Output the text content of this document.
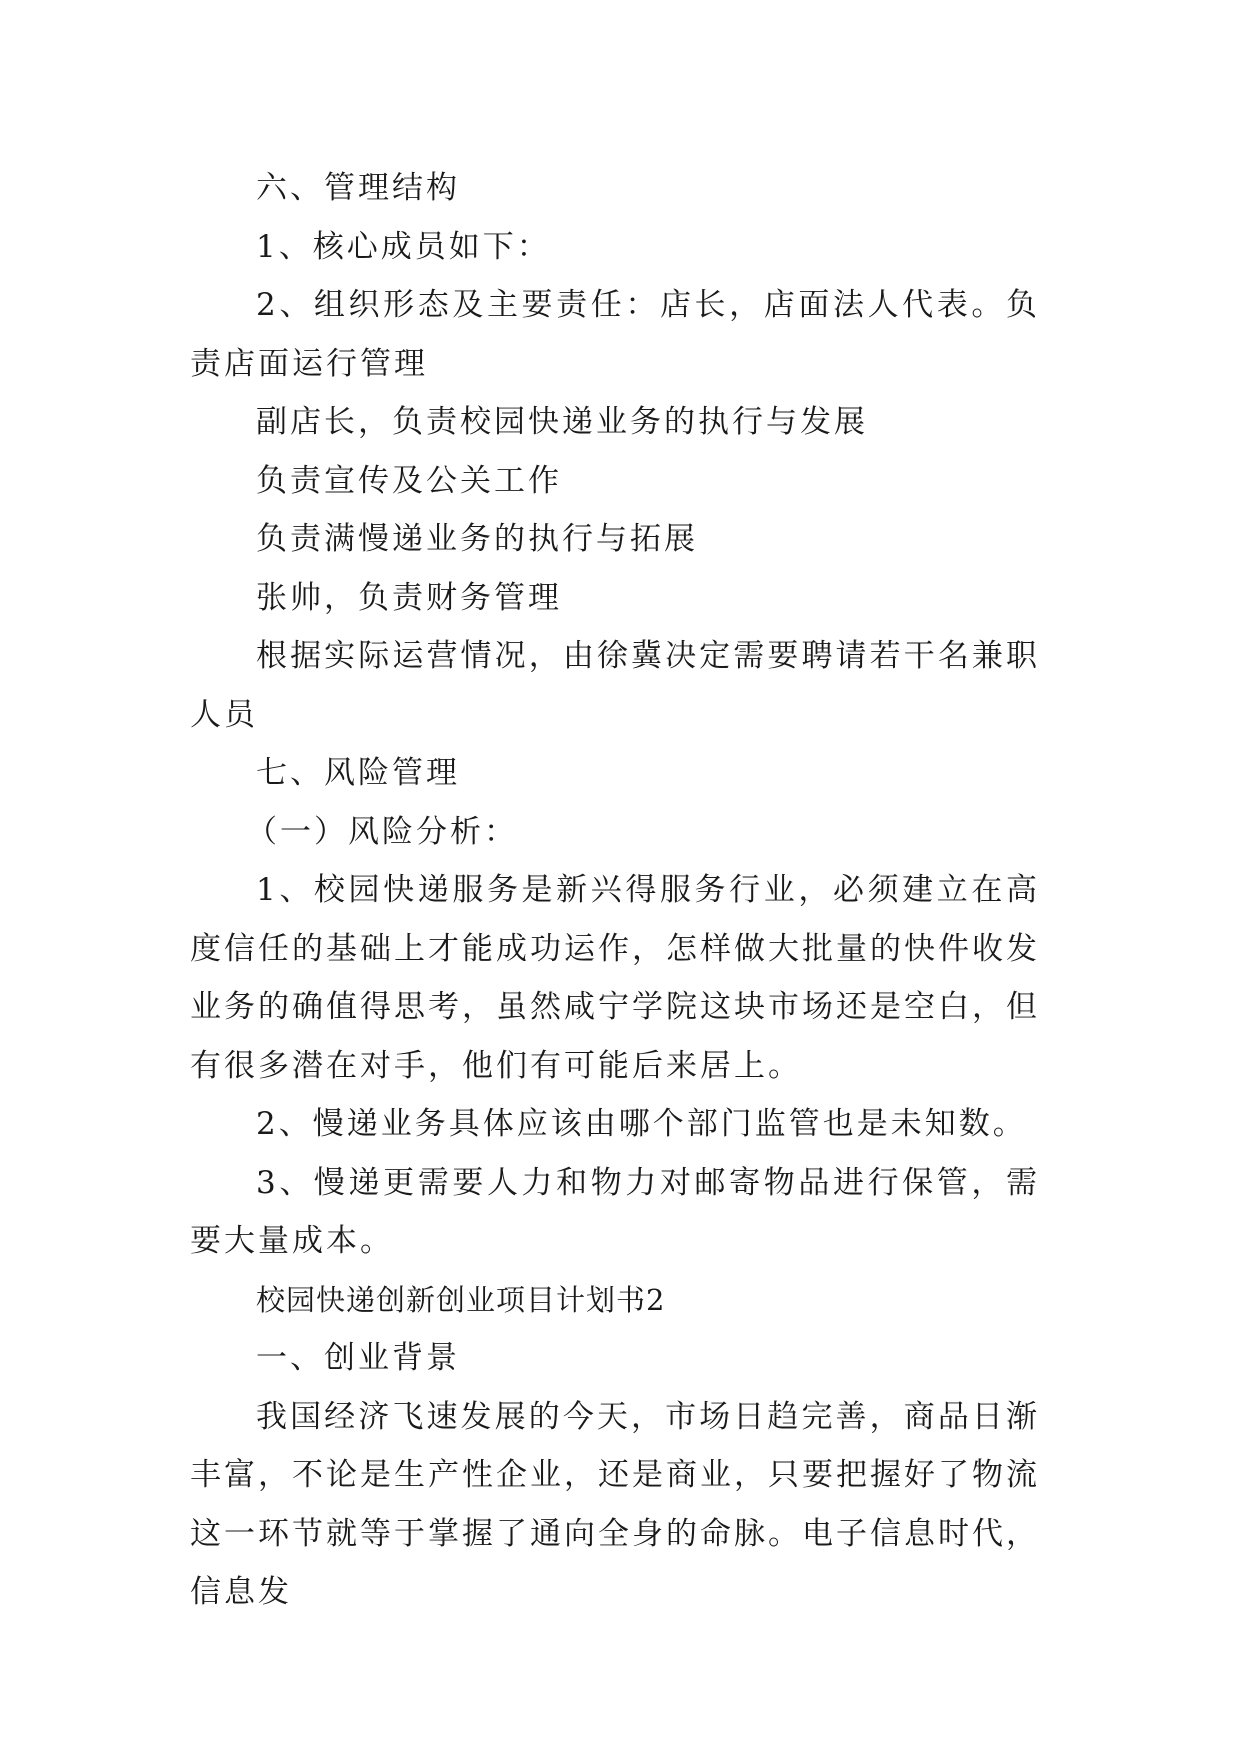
六、管理结构

1、核心成员如下：

2、组织形态及主要责任：店长，店面法人代表。负责店面运行管理

副店长，负责校园快递业务的执行与发展

负责宣传及公关工作

负责满慢递业务的执行与拓展

张帅，负责财务管理

根据实际运营情况，由徐冀决定需要聘请若干名兼职人员

七、风险管理

（一）风险分析：

1、校园快递服务是新兴得服务行业，必须建立在高度信任的基础上才能成功运作，怎样做大批量的快件收发业务的确值得思考，虽然咸宁学院这块市场还是空白，但有很多潜在对手，他们有可能后来居上。

2、慢递业务具体应该由哪个部门监管也是未知数。

3、慢递更需要人力和物力对邮寄物品进行保管，需要大量成本。

校园快递创新创业项目计划书2

一、创业背景

我国经济飞速发展的今天，市场日趋完善，商品日渐丰富，不论是生产性企业，还是商业，只要把握好了物流这一环节就等于掌握了通向全身的命脉。电子信息时代，信息发
